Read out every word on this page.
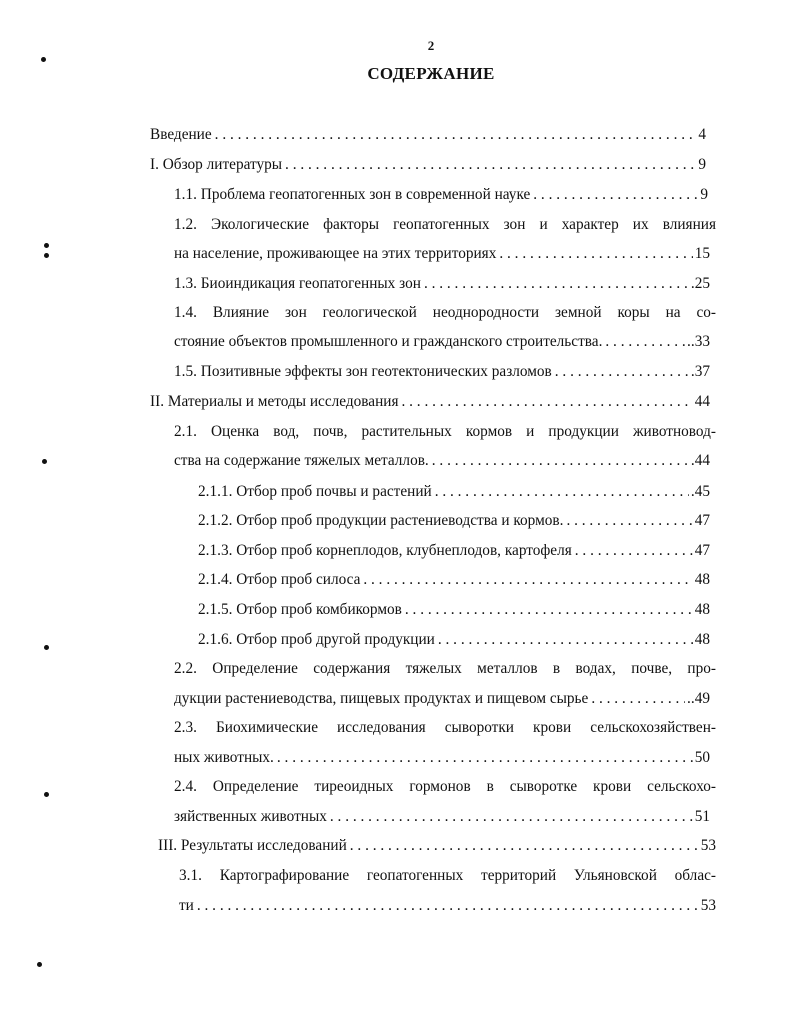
2
СОДЕРЖАНИЕ
Введение . . .	4
I. Обзор литературы . . .	9
1.1. Проблема геопатогенных зон в современной науке . . .	9
1.2. Экологические факторы геопатогенных зон и характер их влияния
на население, проживающее на этих территориях . . .	15
1.3. Биоиндикация геопатогенных зон . . .	.25
1.4. Влияние зон геологической неоднородности земной коры на со-
стояние объектов промышленного и гражданского строительства. . . .	..33
1.5. Позитивные эффекты зон геотектонических разломов . . .	.37
II. Материалы и методы исследования . . .	44
2.1. Оценка вод, почв, растительных кормов и продукции животновод-
ства на содержание тяжелых металлов. . . .	.44
2.1.1. Отбор проб почвы и растений . . .	.45
2.1.2. Отбор проб продукции растениеводства и кормов. . . .	47
2.1.3. Отбор проб корнеплодов, клубнеплодов, картофеля . . .	47
2.1.4. Отбор проб силоса . . .	48
2.1.5. Отбор проб комбикормов . . .	48
2.1.6. Отбор проб другой продукции . . .	48
2.2. Определение содержания тяжелых металлов в водах, почве, про-
дукции растениеводства, пищевых продуктах и пищевом сырье . . .	..49
2.3. Биохимические исследования сыворотки крови сельскохозяйствен-
ных животных. . . .	50
2.4. Определение тиреоидных гормонов в сыворотке крови сельскохо-
зяйственных животных . . .	51
III. Результаты исследований . . .	53
3.1. Картографирование геопатогенных территорий Ульяновской облас-
ти . . .	53
